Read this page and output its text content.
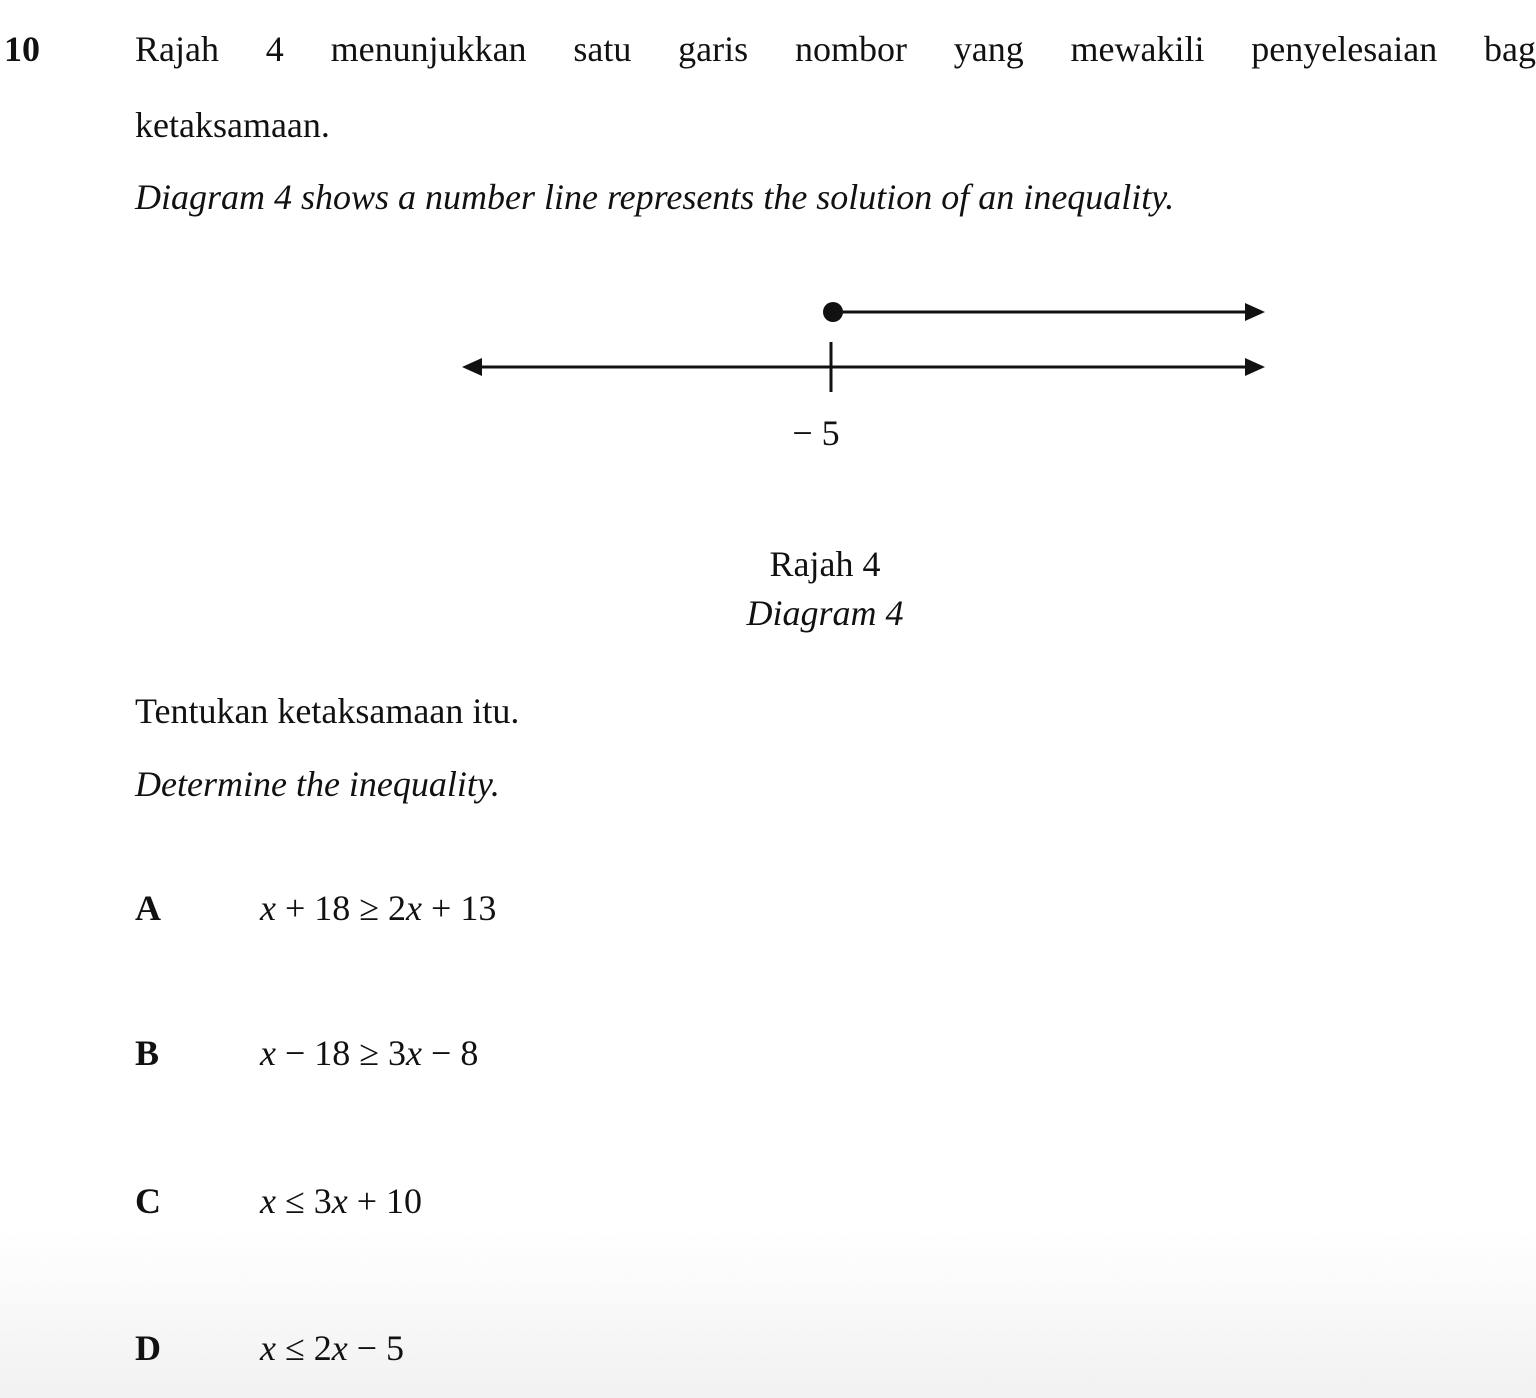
10	Rajah 4 menunjukkan satu garis nombor yang mewakili penyelesaian bag
ketaksamaan.
Diagram 4 shows a number line represents the solution of an inequality.
− 5
Rajah 4
Diagram 4
Tentukan ketaksamaan itu.
Determine the inequality.
A	x + 18 ≥ 2x + 13
B	x − 18 ≥ 3x − 8
C	x ≤ 3x + 10
D	x ≤ 2x − 5
